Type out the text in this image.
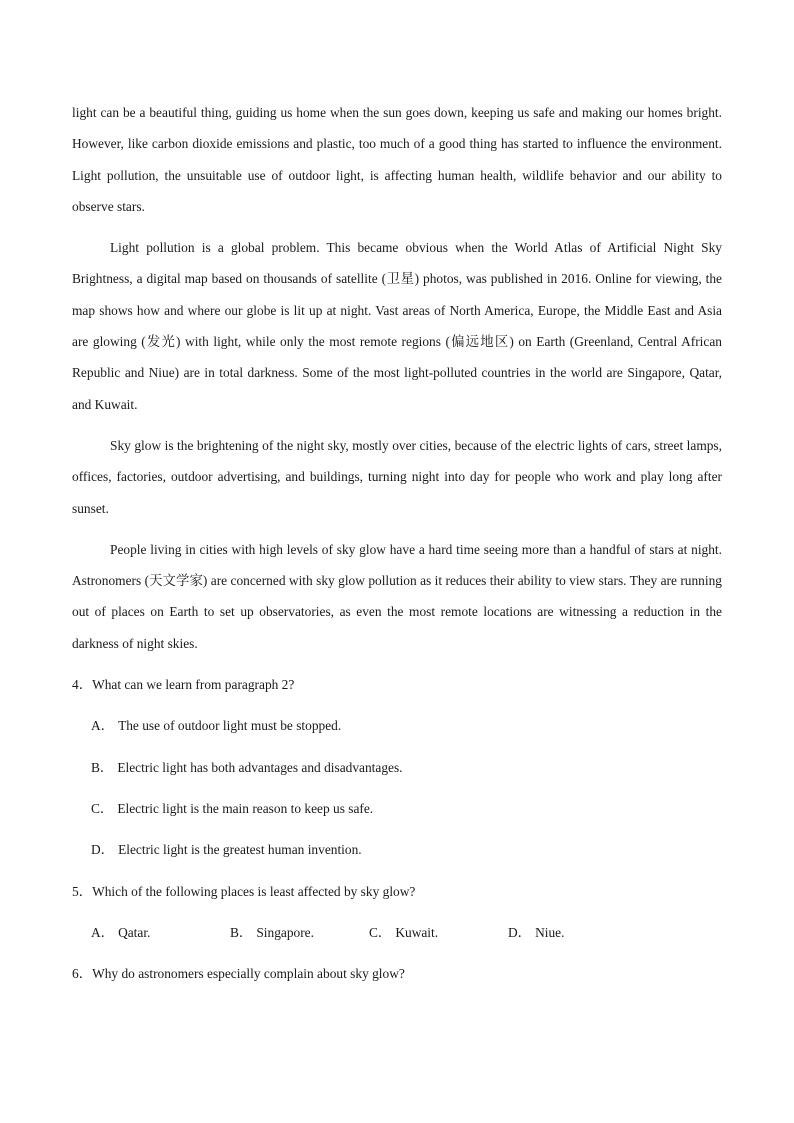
light can be a beautiful thing, guiding us home when the sun goes down, keeping us safe and making our homes bright. However, like carbon dioxide emissions and plastic, too much of a good thing has started to influence the environment. Light pollution, the unsuitable use of outdoor light, is affecting human health, wildlife behavior and our ability to observe stars.

Light pollution is a global problem. This became obvious when the World Atlas of Artificial Night Sky Brightness, a digital map based on thousands of satellite (卫星) photos, was published in 2016. Online for viewing, the map shows how and where our globe is lit up at night. Vast areas of North America, Europe, the Middle East and Asia are glowing (发光) with light, while only the most remote regions (偏远地区) on Earth (Greenland, Central African Republic and Niue) are in total darkness. Some of the most light-polluted countries in the world are Singapore, Qatar, and Kuwait.

Sky glow is the brightening of the night sky, mostly over cities, because of the electric lights of cars, street lamps, offices, factories, outdoor advertising, and buildings, turning night into day for people who work and play long after sunset.

People living in cities with high levels of sky glow have a hard time seeing more than a handful of stars at night. Astronomers (天文学家) are concerned with sky glow pollution as it reduces their ability to view stars. They are running out of places on Earth to set up observatories, as even the most remote locations are witnessing a reduction in the darkness of night skies.

4．What can we learn from paragraph 2?

A． The use of outdoor light must be stopped.

B． Electric light has both advantages and disadvantages.

C． Electric light is the main reason to keep us safe.

D． Electric light is the greatest human invention.

5．Which of the following places is least affected by sky glow?

A． Qatar.	B． Singapore.	C． Kuwait.	D． Niue.

6．Why do astronomers especially complain about sky glow?
